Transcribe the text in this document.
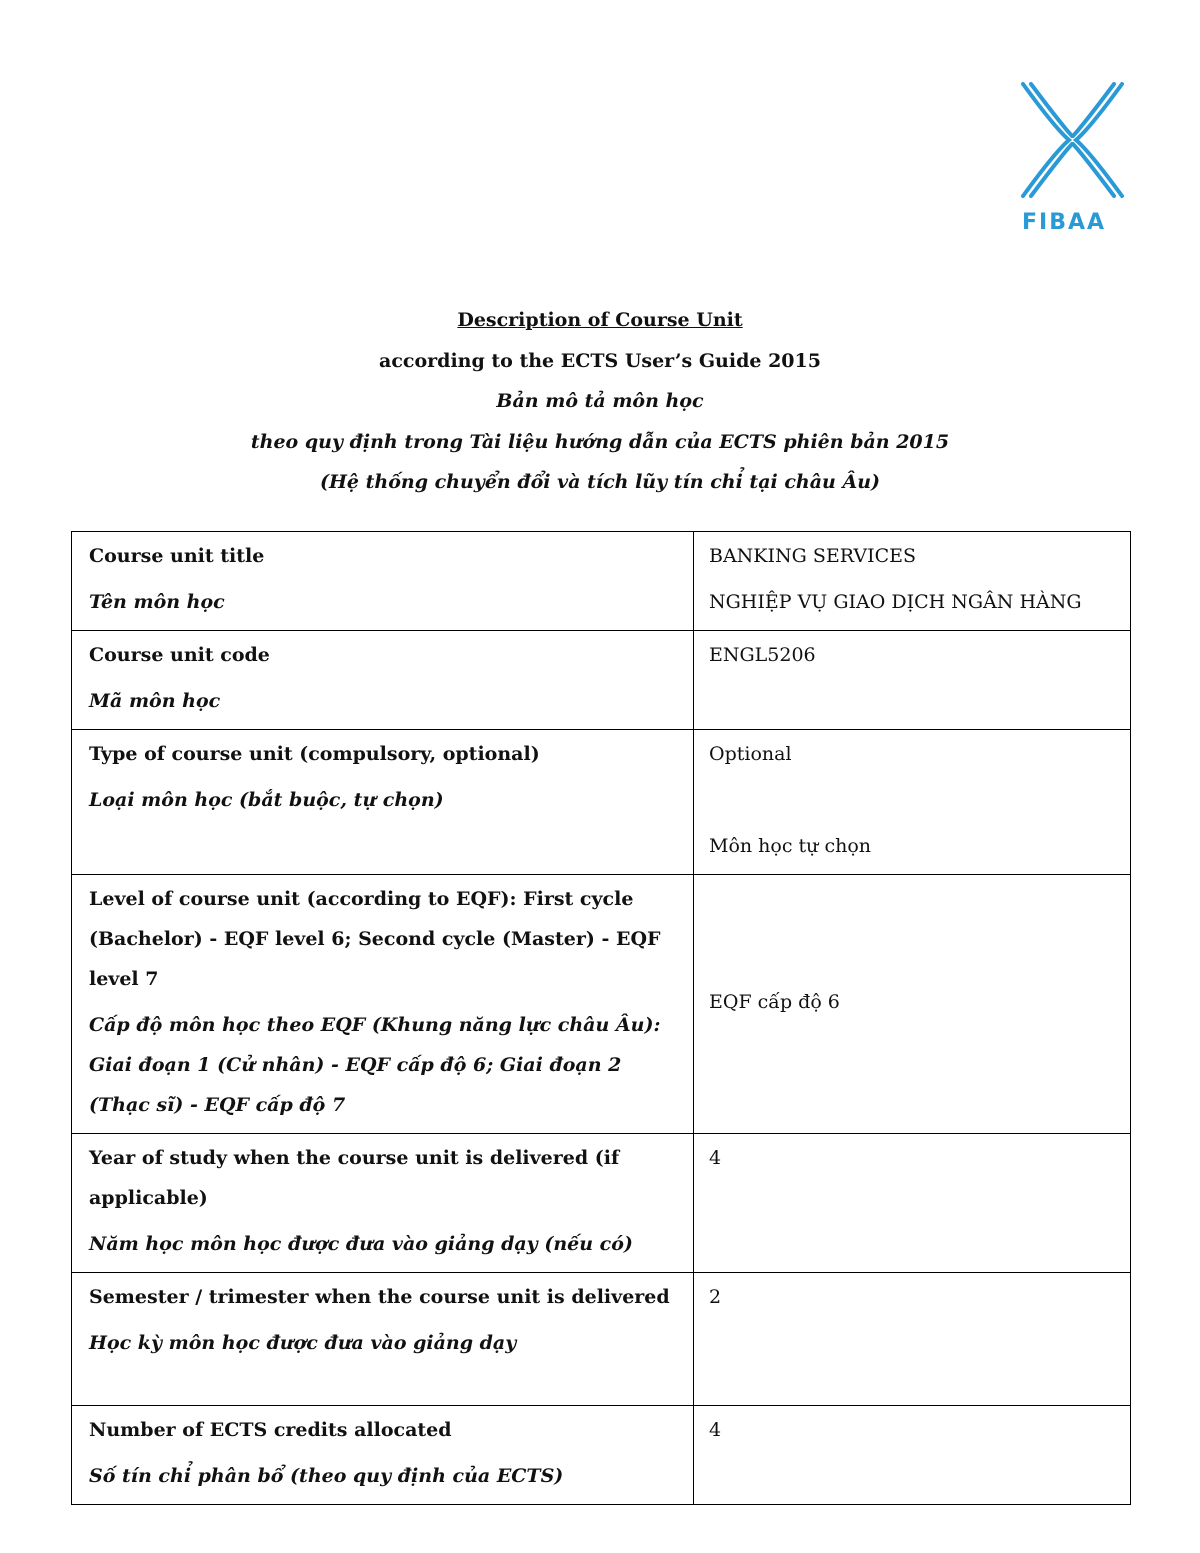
FIBAA
Description of Course Unit
according to the ECTS User’s Guide 2015
Bản mô tả môn học
theo quy định trong Tài liệu hướng dẫn của ECTS phiên bản 2015
(Hệ thống chuyển đổi và tích lũy tín chỉ tại châu Âu)
Course unit title
Tên môn học	BANKING SERVICES
NGHIỆP VỤ GIAO DỊCH NGÂN HÀNG

Course unit code
Mã môn học	ENGL5206

Type of course unit (compulsory, optional)
Loại môn học (bắt buộc, tự chọn)	Optional
Môn học tự chọn

Level of course unit (according to EQF): First cycle (Bachelor) - EQF level 6; Second cycle (Master) - EQF level 7
Cấp độ môn học theo EQF (Khung năng lực châu Âu): Giai đoạn 1 (Cử nhân) - EQF cấp độ 6; Giai đoạn 2 (Thạc sĩ) - EQF cấp độ 7	EQF cấp độ 6

Year of study when the course unit is delivered (if applicable)
Năm học môn học được đưa vào giảng dạy (nếu có)	4

Semester / trimester when the course unit is delivered
Học kỳ môn học được đưa vào giảng dạy	2

Number of ECTS credits allocated
Số tín chỉ phân bổ (theo quy định của ECTS)	4
